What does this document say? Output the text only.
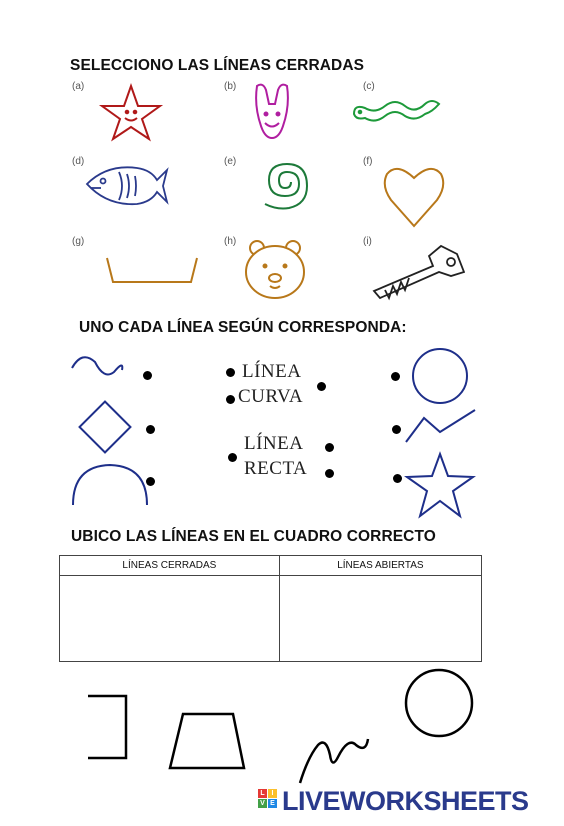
SELECCIONO LAS LÍNEAS CERRADAS
(a)	(b)	(c)
(d)	(e)	(f)
(g)	(h)	(i)
UNO CADA LÍNEA SEGÚN CORRESPONDA:
LÍNEA
CURVA
LÍNEA
RECTA
UBICO LAS LÍNEAS EN EL CUADRO CORRECTO
LÍNEAS CERRADAS	LÍNEAS ABIERTAS

L I
V E LIVEWORKSHEETS
